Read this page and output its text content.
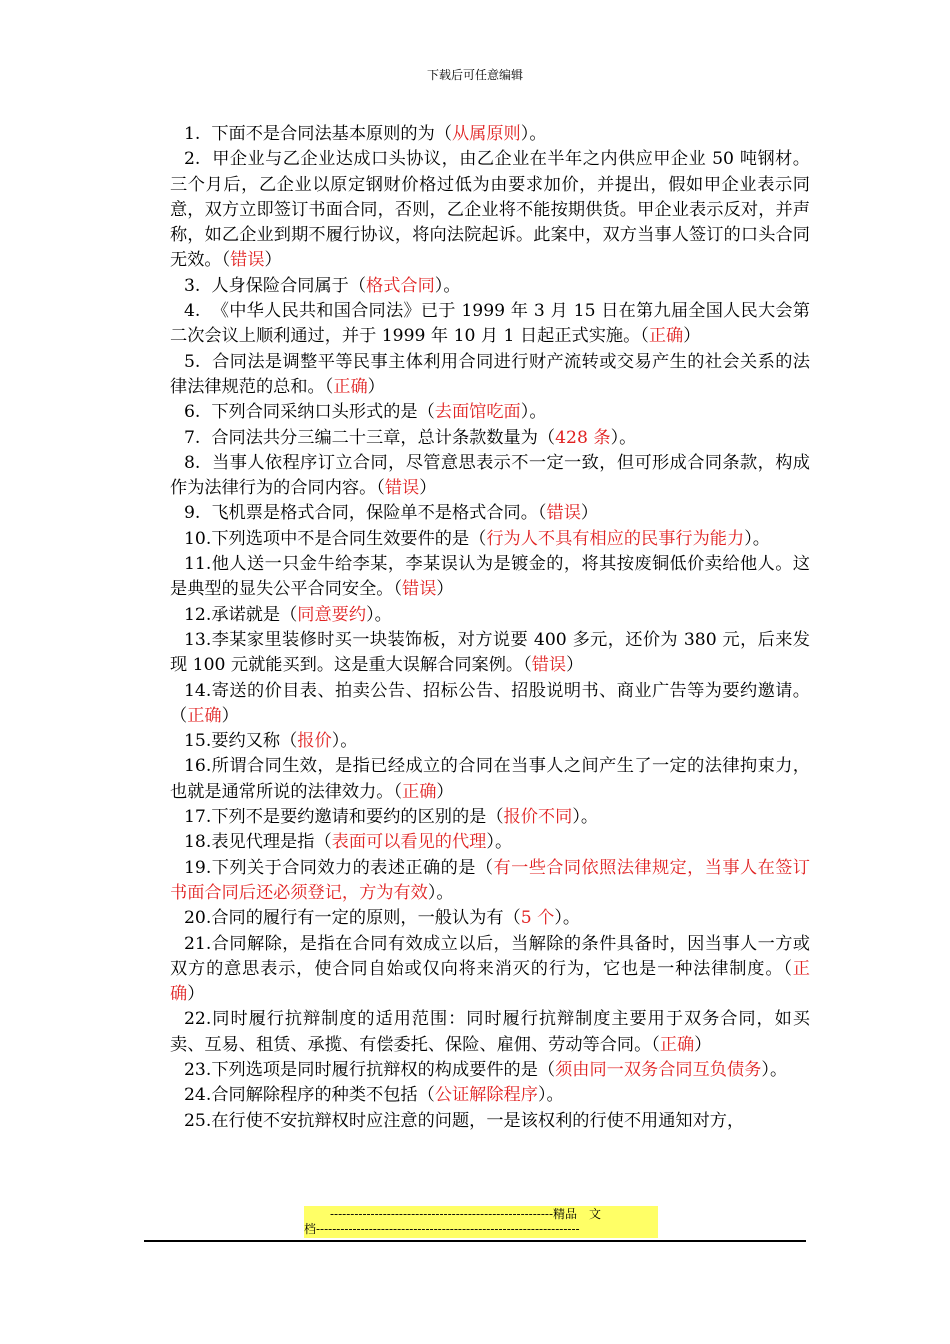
下载后可任意编辑

1.  下面不是合同法基本原则的为（从属原则）。

2.  甲企业与乙企业达成口头协议，由乙企业在半年之内供应甲企业 50 吨钢材。三个月后，乙企业以原定钢财价格过低为由要求加价，并提出，假如甲企业表示同意，双方立即签订书面合同，否则，乙企业将不能按期供货。甲企业表示反对，并声称，如乙企业到期不履行协议，将向法院起诉。此案中，双方当事人签订的口头合同无效。（错误）

3.  人身保险合同属于（格式合同）。

4.  《中华人民共和国合同法》已于 1999 年 3 月 15 日在第九届全国人民大会第二次会议上顺利通过，并于 1999 年 10 月 1 日起正式实施。（正确）

5.  合同法是调整平等民事主体利用合同进行财产流转或交易产生的社会关系的法律法律规范的总和。（正确）

6.  下列合同采纳口头形式的是（去面馆吃面）。

7.  合同法共分三编二十三章，总计条款数量为（428 条）。

8.  当事人依程序订立合同，尽管意思表示不一定一致，但可形成合同条款，构成作为法律行为的合同内容。（错误）

9.  飞机票是格式合同，保险单不是格式合同。（错误）

10.下列选项中不是合同生效要件的是（行为人不具有相应的民事行为能力）。

11.他人送一只金牛给李某，李某误认为是镀金的，将其按废铜低价卖给他人。这是典型的显失公平合同安全。（错误）

12.承诺就是（同意要约）。

13.李某家里装修时买一块装饰板，对方说要 400 多元，还价为 380 元，后来发现 100 元就能买到。这是重大误解合同案例。（错误）

14.寄送的价目表、拍卖公告、招标公告、招股说明书、商业广告等为要约邀请。（正确）

15.要约又称（报价）。

16.所谓合同生效，是指已经成立的合同在当事人之间产生了一定的法律拘束力，也就是通常所说的法律效力。（正确）

17.下列不是要约邀请和要约的区别的是（报价不同）。

18.表见代理是指（表面可以看见的代理）。

19.下列关于合同效力的表述正确的是（有一些合同依照法律规定，当事人在签订书面合同后还必须登记，方为有效）。

20.合同的履行有一定的原则，一般认为有（5 个）。

21.合同解除，是指在合同有效成立以后，当解除的条件具备时，因当事人一方或双方的意思表示，使合同自始或仅向将来消灭的行为，它也是一种法律制度。（正确）

22.同时履行抗辩制度的适用范围：同时履行抗辩制度主要用于双务合同，如买卖、互易、租赁、承揽、有偿委托、保险、雇佣、劳动等合同。（正确）

23.下列选项是同时履行抗辩权的构成要件的是（须由同一双务合同互负债务）。

24.合同解除程序的种类不包括（公证解除程序）。

25.在行使不安抗辩权时应注意的问题，一是该权利的行使不用通知对方，

-------------------------------------------------------精品　文
档-----------------------------------------------------------------
